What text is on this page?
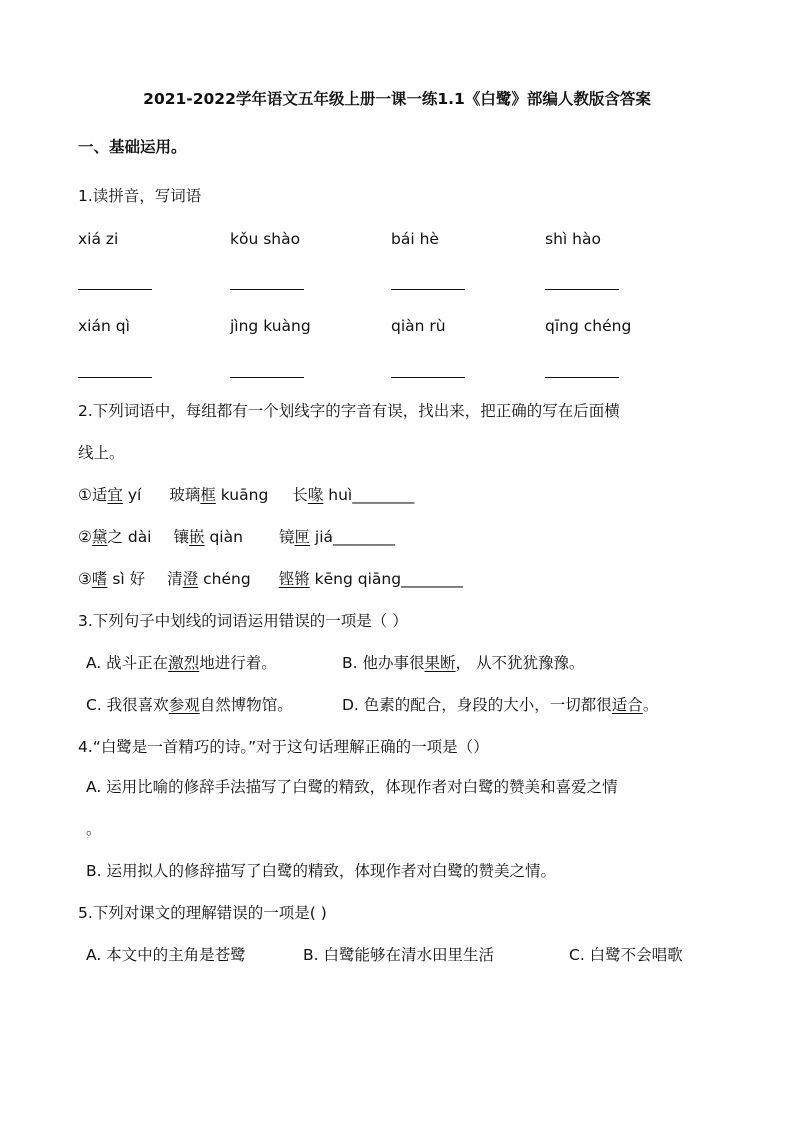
2021-2022学年语文五年级上册一课一练1.1《白鹭》部编人教版含答案
一、基础运用。
1.读拼音，写词语
xiá zi	kǒu shào	bái hè	shì hào
xián qì	jìng kuàng	qiàn rù	qīng chéng
2.下列词语中，每组都有一个划线字的字音有误，找出来，把正确的写在后面横
线上。
①适宜 yí 玻璃框 kuāng 长喙 huì________
②黛之 dài 镶嵌 qiàn 镜匣 jiá________
③嗜 sì 好 清澄 chéng 铿锵 kēng qiāng________
3.下列句子中划线的词语运用错误的一项是（ ）
A. 战斗正在激烈地进行着。	B. 他办事很果断， 从不犹犹豫豫。
C. 我很喜欢参观自然博物馆。	D. 色素的配合，身段的大小，一切都很适合。
4.“白鹭是一首精巧的诗。”对于这句话理解正确的一项是（）
A. 运用比喻的修辞手法描写了白鹭的精致，体现作者对白鹭的赞美和喜爱之情
。
B. 运用拟人的修辞描写了白鹭的精致，体现作者对白鹭的赞美之情。
5.下列对课文的理解错误的一项是( )
A. 本文中的主角是苍鹭	B. 白鹭能够在清水田里生活	C. 白鹭不会唱歌
